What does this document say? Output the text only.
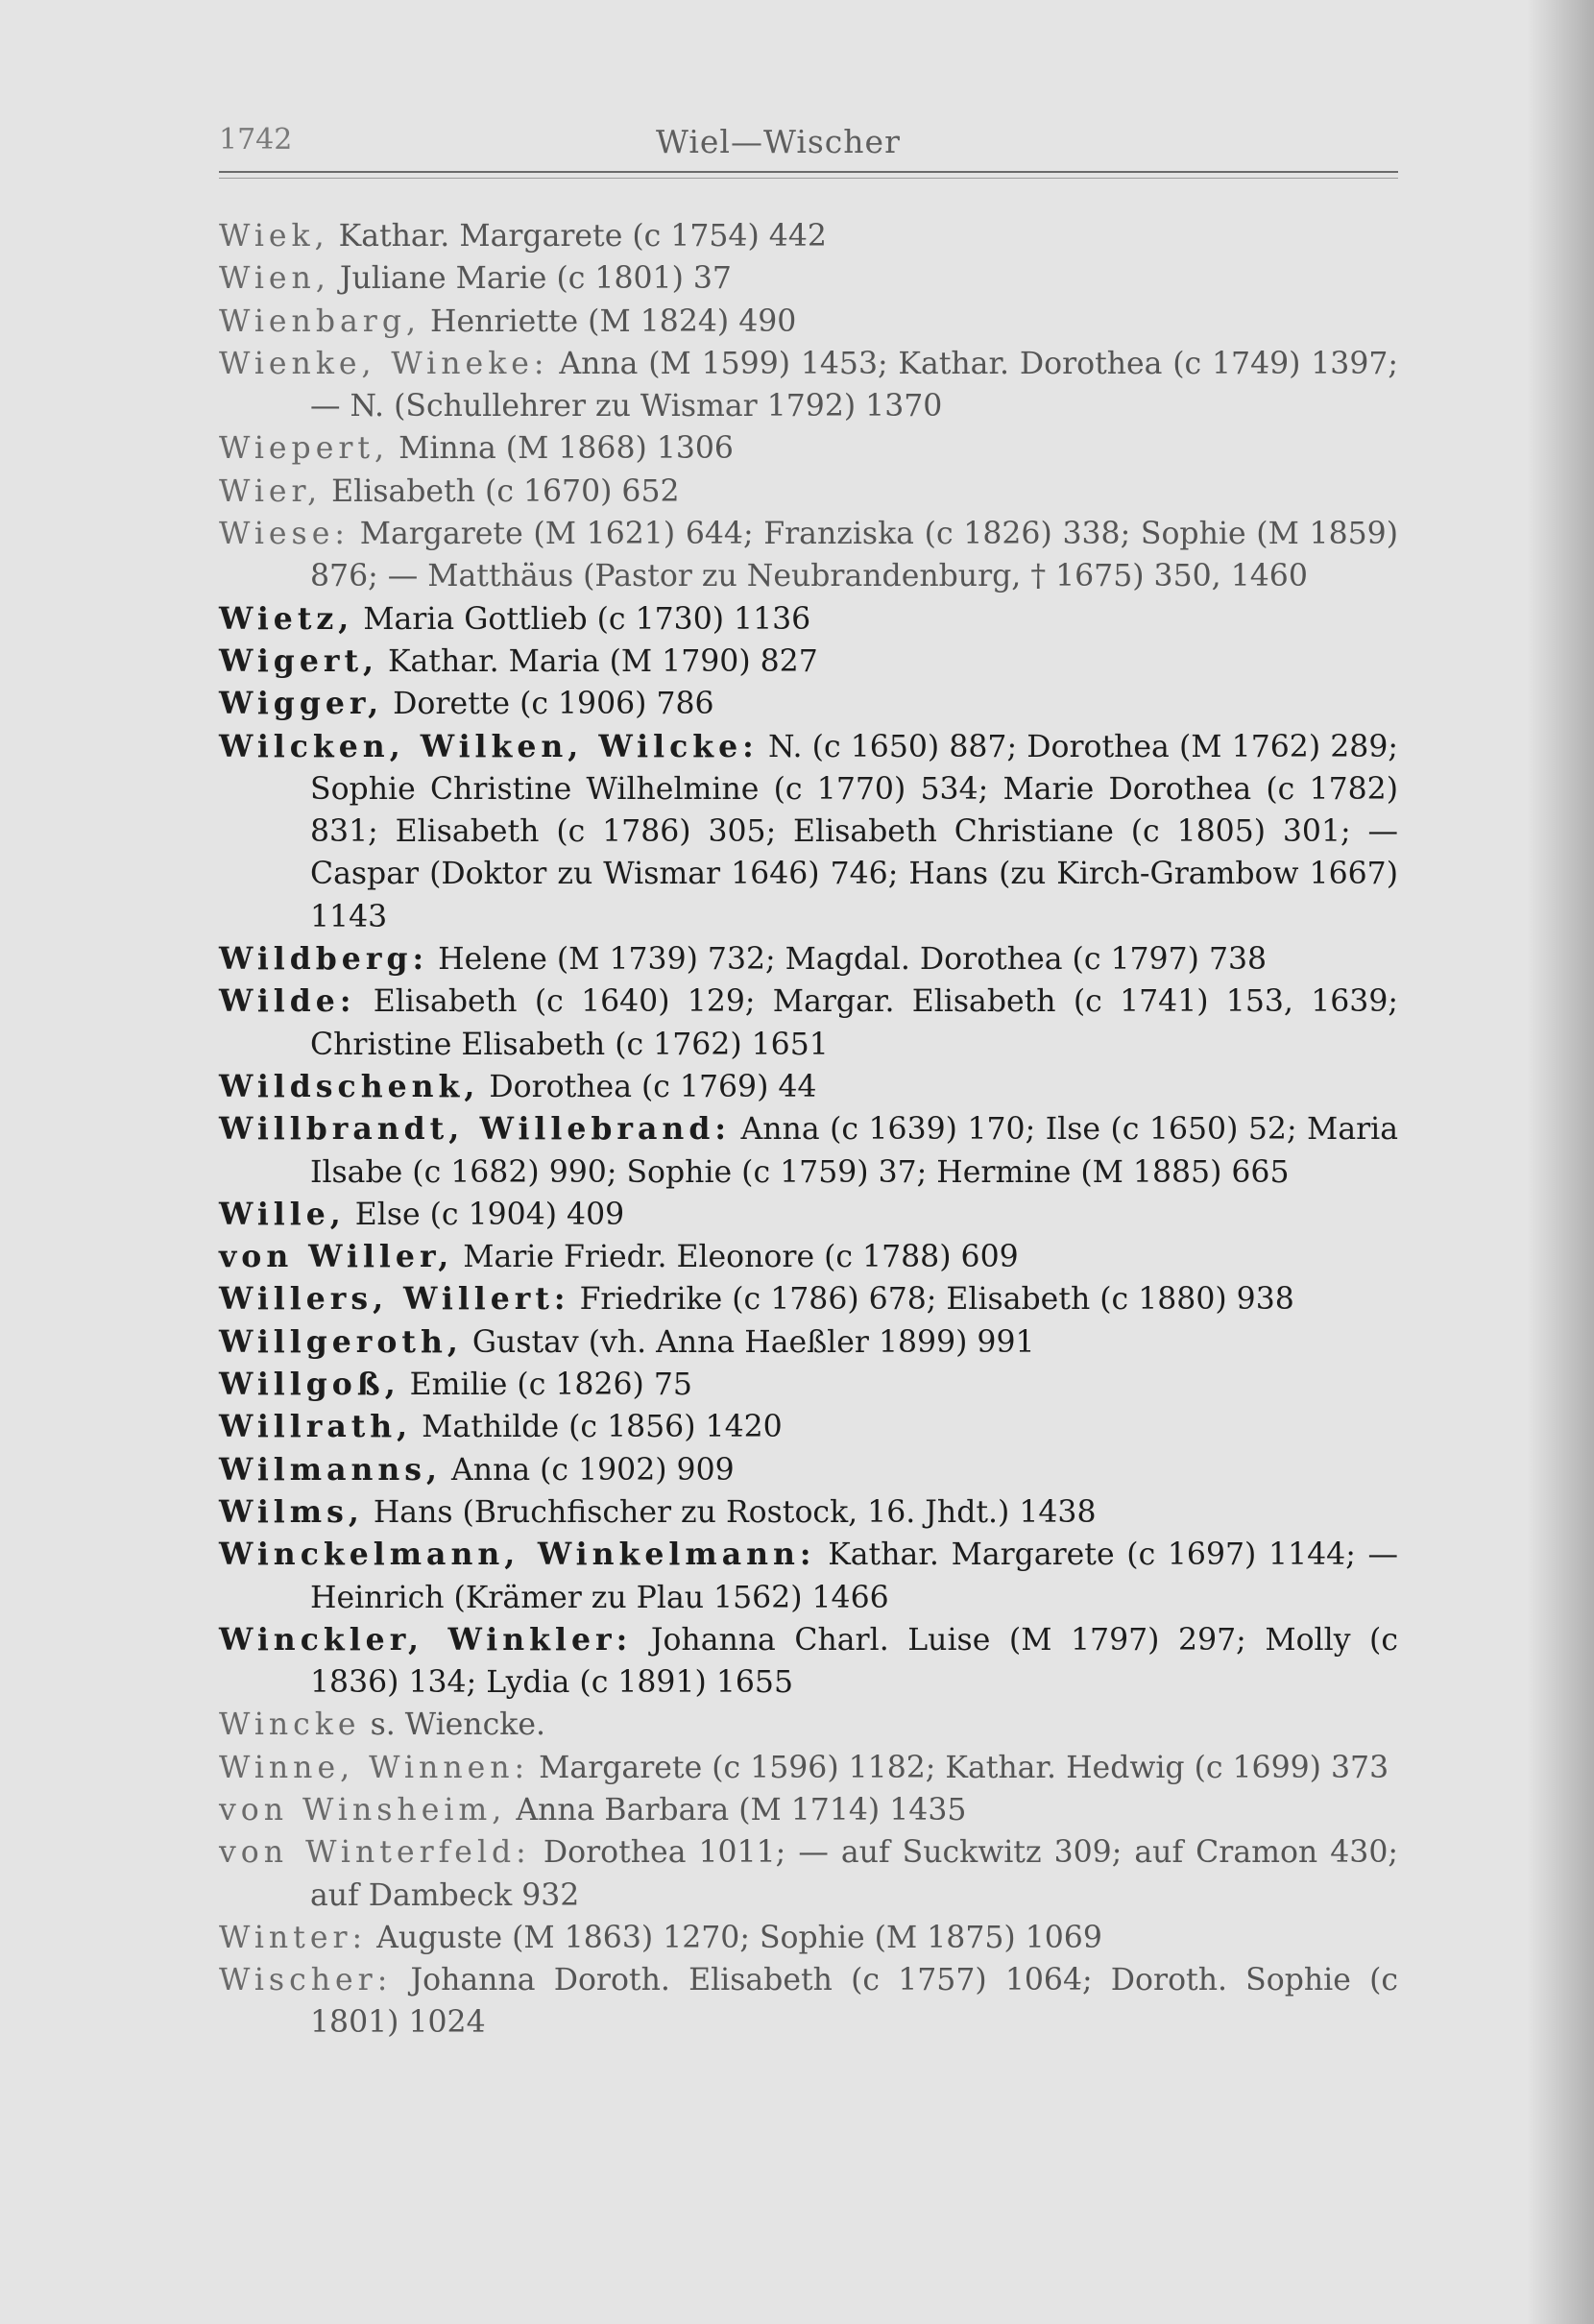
1742	Wiel—Wischer
Wiek, Kathar. Margarete (c 1754) 442
Wien, Juliane Marie (c 1801) 37
Wienbarg, Henriette (M 1824) 490
Wienke, Wineke: Anna (M 1599) 1453; Kathar. Dorothea (c 1749) 1397; — N. (Schullehrer zu Wismar 1792) 1370
Wiepert, Minna (M 1868) 1306
Wier, Elisabeth (c 1670) 652
Wiese: Margarete (M 1621) 644; Franziska (c 1826) 338; Sophie (M 1859) 876; — Matthäus (Pastor zu Neubrandenburg, † 1675) 350, 1460
Wietz, Maria Gottlieb (c 1730) 1136
Wigert, Kathar. Maria (M 1790) 827
Wigger, Dorette (c 1906) 786
Wilcken, Wilken, Wilcke: N. (c 1650) 887; Dorothea (M 1762) 289; Sophie Christine Wilhelmine (c 1770) 534; Marie Dorothea (c 1782) 831; Elisabeth (c 1786) 305; Elisabeth Christiane (c 1805) 301; — Caspar (Doktor zu Wismar 1646) 746; Hans (zu Kirch-Grambow 1667) 1143
Wildberg: Helene (M 1739) 732; Magdal. Dorothea (c 1797) 738
Wilde: Elisabeth (c 1640) 129; Margar. Elisabeth (c 1741) 153, 1639; Christine Elisabeth (c 1762) 1651
Wildschenk, Dorothea (c 1769) 44
Willbrandt, Willebrand: Anna (c 1639) 170; Ilse (c 1650) 52; Maria Ilsabe (c 1682) 990; Sophie (c 1759) 37; Hermine (M 1885) 665
Wille, Else (c 1904) 409
von Willer, Marie Friedr. Eleonore (c 1788) 609
Willers, Willert: Friedrike (c 1786) 678; Elisabeth (c 1880) 938
Willgeroth, Gustav (vh. Anna Haeßler 1899) 991
Willgoß, Emilie (c 1826) 75
Willrath, Mathilde (c 1856) 1420
Wilmanns, Anna (c 1902) 909
Wilms, Hans (Bruchfischer zu Rostock, 16. Jhdt.) 1438
Winckelmann, Winkelmann: Kathar. Margarete (c 1697) 1144; — Heinrich (Krämer zu Plau 1562) 1466
Winckler, Winkler: Johanna Charl. Luise (M 1797) 297; Molly (c 1836) 134; Lydia (c 1891) 1655
Wincke s. Wiencke.
Winne, Winnen: Margarete (c 1596) 1182; Kathar. Hedwig (c 1699) 373
von Winsheim, Anna Barbara (M 1714) 1435
von Winterfeld: Dorothea 1011; — auf Suckwitz 309; auf Cramon 430; auf Dambeck 932
Winter: Auguste (M 1863) 1270; Sophie (M 1875) 1069
Wischer: Johanna Doroth. Elisabeth (c 1757) 1064; Doroth. Sophie (c 1801) 1024
